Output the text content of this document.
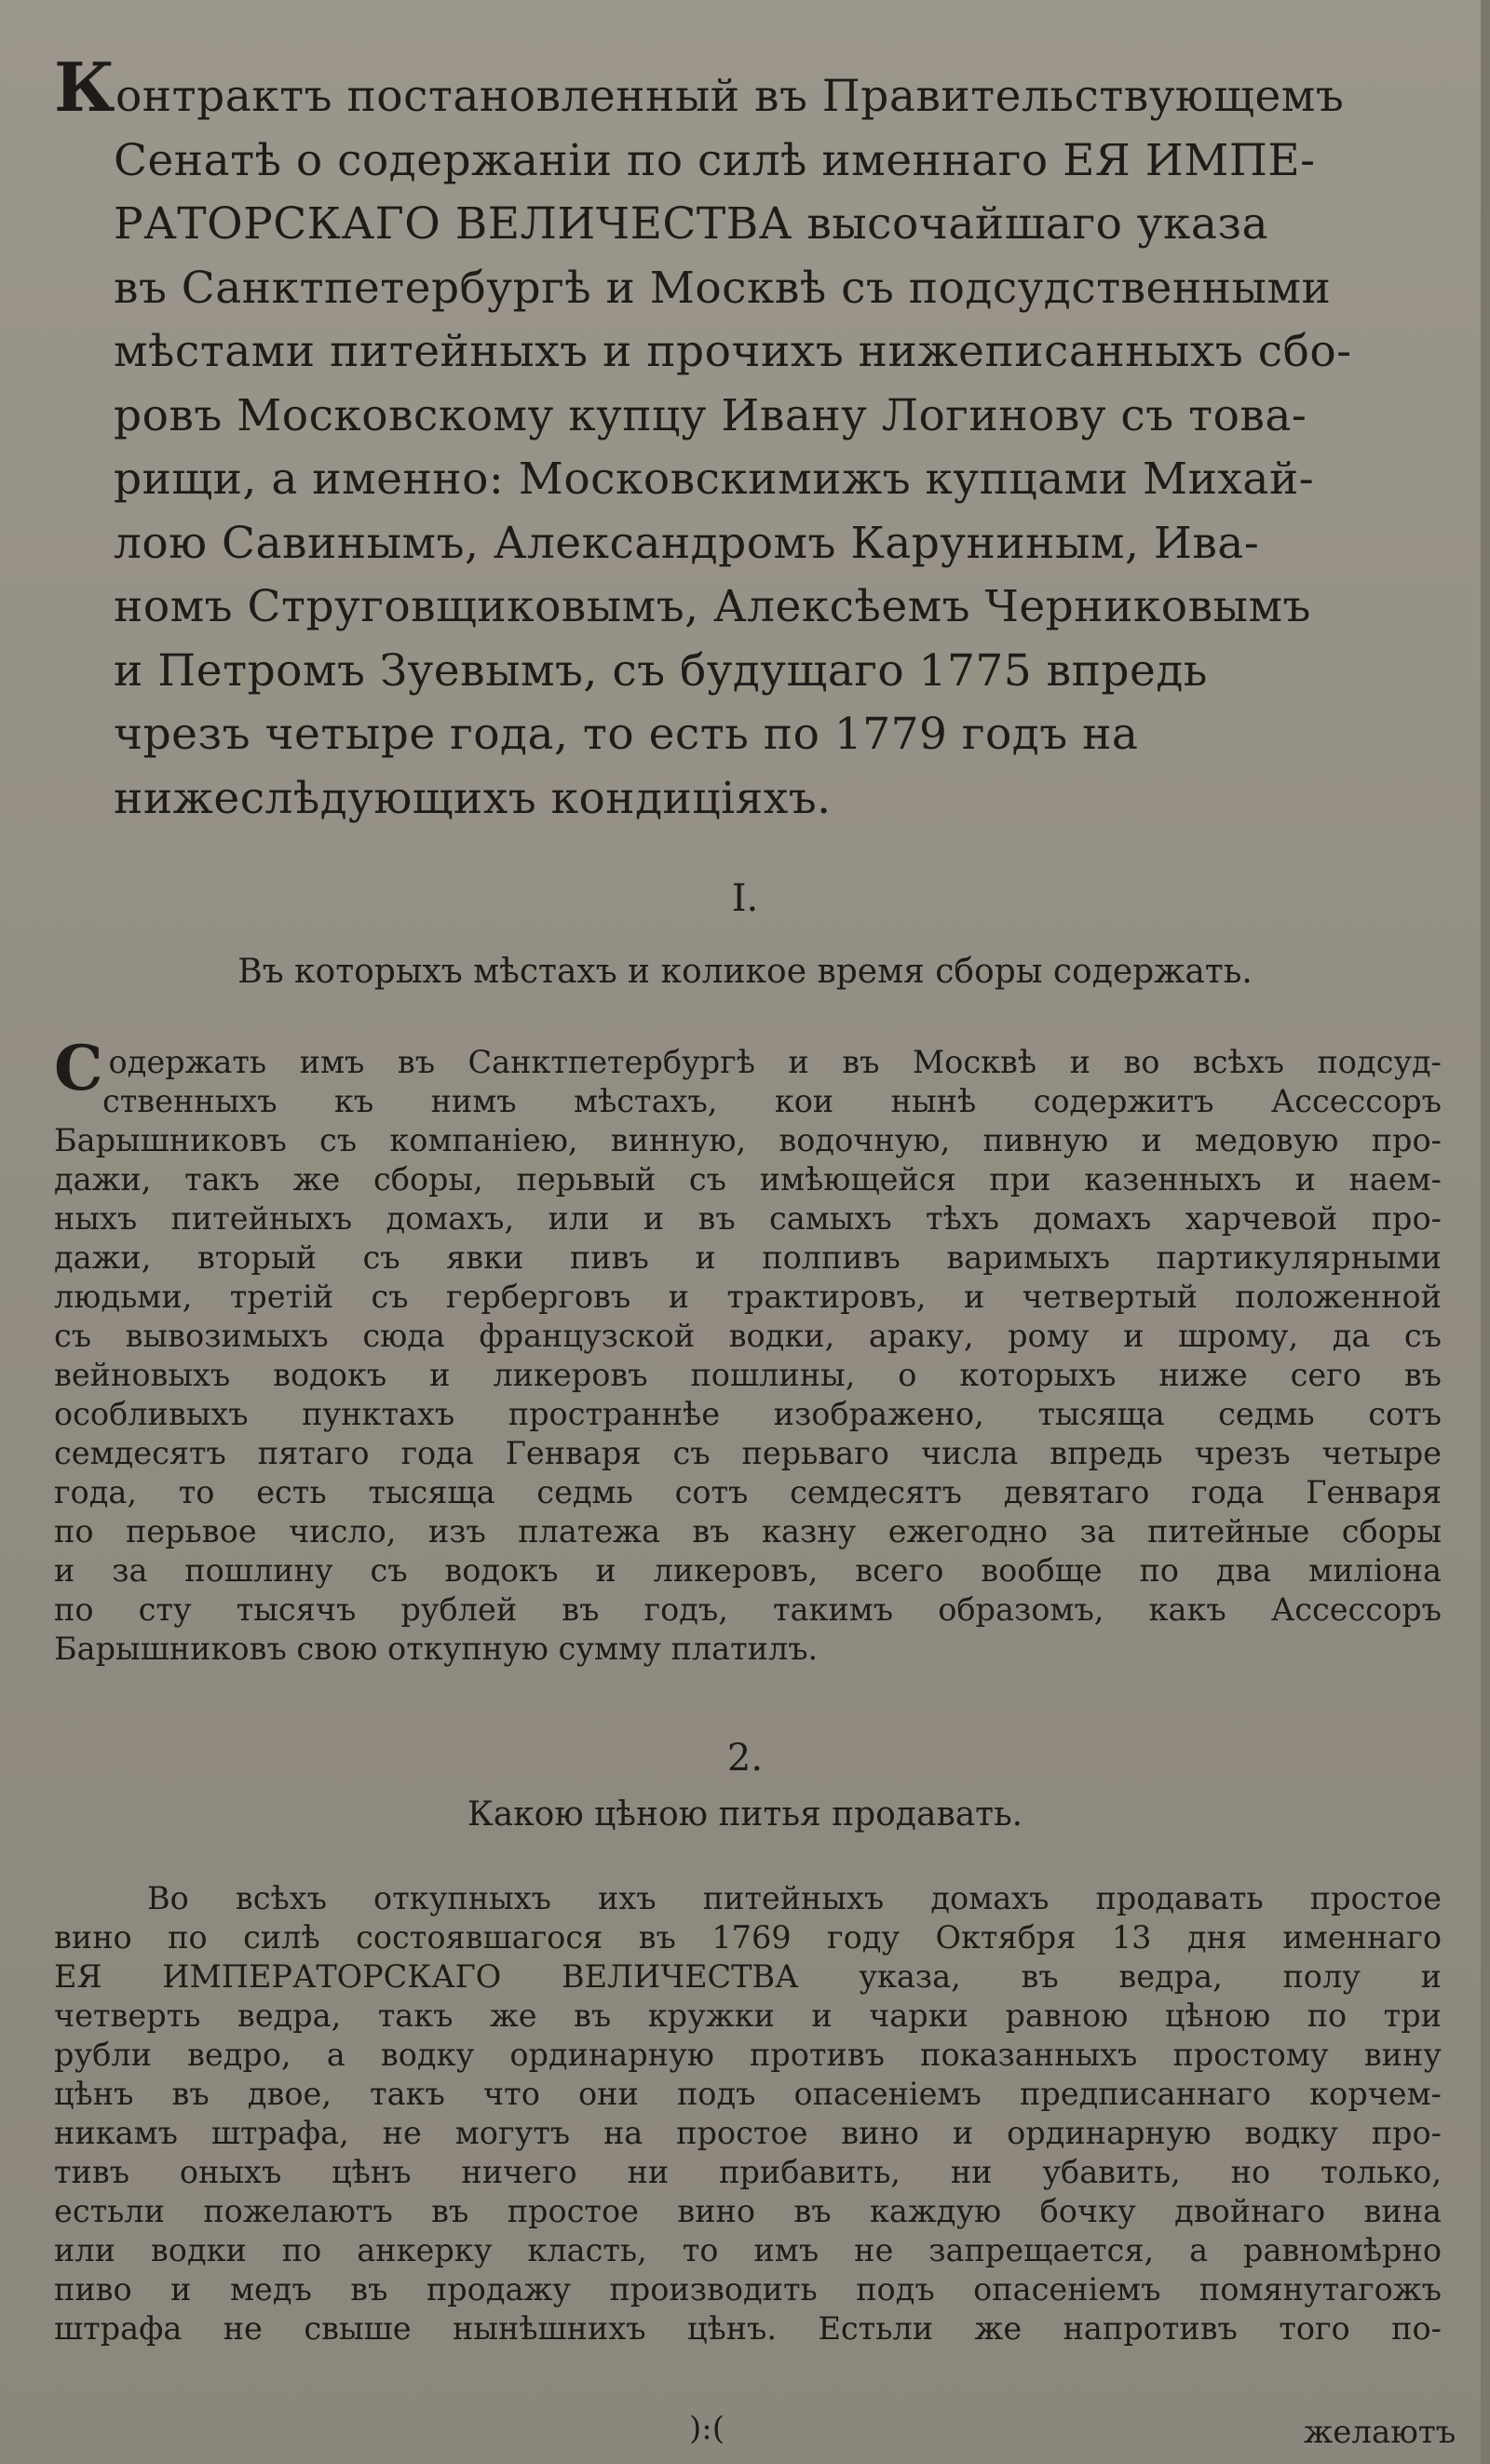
Контрактъ постановленный въ Правительствующемъ
Сенатѣ о содержанiи по силѣ именнаго ЕЯ ИМПЕ-
РАТОРСКАГО ВЕЛИЧЕСТВА высочайшаго указа
въ Санктпетербургѣ и Москвѣ съ подсудственными
мѣстами питейныхъ и прочихъ нижеписанныхъ сбо-
ровъ Московскому купцу Ивану Логинову съ това-
рищи, а именно: Московскимижъ купцами Михай-
лою Савинымъ, Александромъ Каруниным, Ива-
номъ Струговщиковымъ, Алексѣемъ Черниковымъ
и Петромъ Зуевымъ, съ будущаго 1775 впредь
чрезъ четыре года, то есть по 1779 годъ на
нижеслѣдующихъ кондицiяхъ.
I.
Въ которыхъ мѣстахъ и коликое время сборы содержать.
Содержать имъ въ Санктпетербургѣ и въ Москвѣ и во всѣхъ подсуд-
ственныхъ къ нимъ мѣстахъ, кои нынѣ содержитъ Ассессоръ
Барышниковъ съ компанiею, винную, водочную, пивную и медовую про-
дажи, такъ же сборы, перьвый съ имѣющейся при казенныхъ и наем-
ныхъ питейныхъ домахъ, или и въ самыхъ тѣхъ домахъ харчевой про-
дажи, вторый съ явки пивъ и полпивъ варимыхъ партикулярными
людьми, третiй съ герберговъ и трактировъ, и четвертый положенной
съ вывозимыхъ сюда французской водки, араку, рому и шрому, да съ
вейновыхъ водокъ и ликеровъ пошлины, о которыхъ ниже сего въ
особливыхъ пунктахъ пространнѣе изображено, тысяща седмь сотъ
семдесятъ пятаго года Генваря съ перьваго числа впредь чрезъ четыре
года, то есть тысяща седмь сотъ семдесятъ девятаго года Генваря
по перьвое число, изъ платежа въ казну ежегодно за питейные сборы
и за пошлину съ водокъ и ликеровъ, всего вообще по два милiона
по сту тысячъ рублей въ годъ, такимъ образомъ, какъ Ассессоръ
Барышниковъ свою откупную сумму платилъ.
2.
Какою цѣною питья продавать.
Во всѣхъ откупныхъ ихъ питейныхъ домахъ продавать простое
вино по силѣ состоявшагося въ 1769 году Октября 13 дня именнаго
ЕЯ ИМПЕРАТОРСКАГО ВЕЛИЧЕСТВА указа, въ ведра, полу и
четверть ведра, такъ же въ кружки и чарки равною цѣною по три
рубли ведро, а водку ординарную противъ показанныхъ простому вину
цѣнъ въ двое, такъ что они подъ опасенiемъ предписаннаго корчем-
никамъ штрафа, не могутъ на простое вино и ординарную водку про-
тивъ оныхъ цѣнъ ничего ни прибавить, ни убавить, но только,
естьли пожелаютъ въ простое вино въ каждую бочку двойнаго вина
или водки по анкерку класть, то имъ не запрещается, а равномѣрно
пиво и медъ въ продажу производить подъ опасенiемъ помянутагожъ
штрафа не свыше нынѣшнихъ цѣнъ. Естьли же напротивъ того по-
):(	желаютъ
